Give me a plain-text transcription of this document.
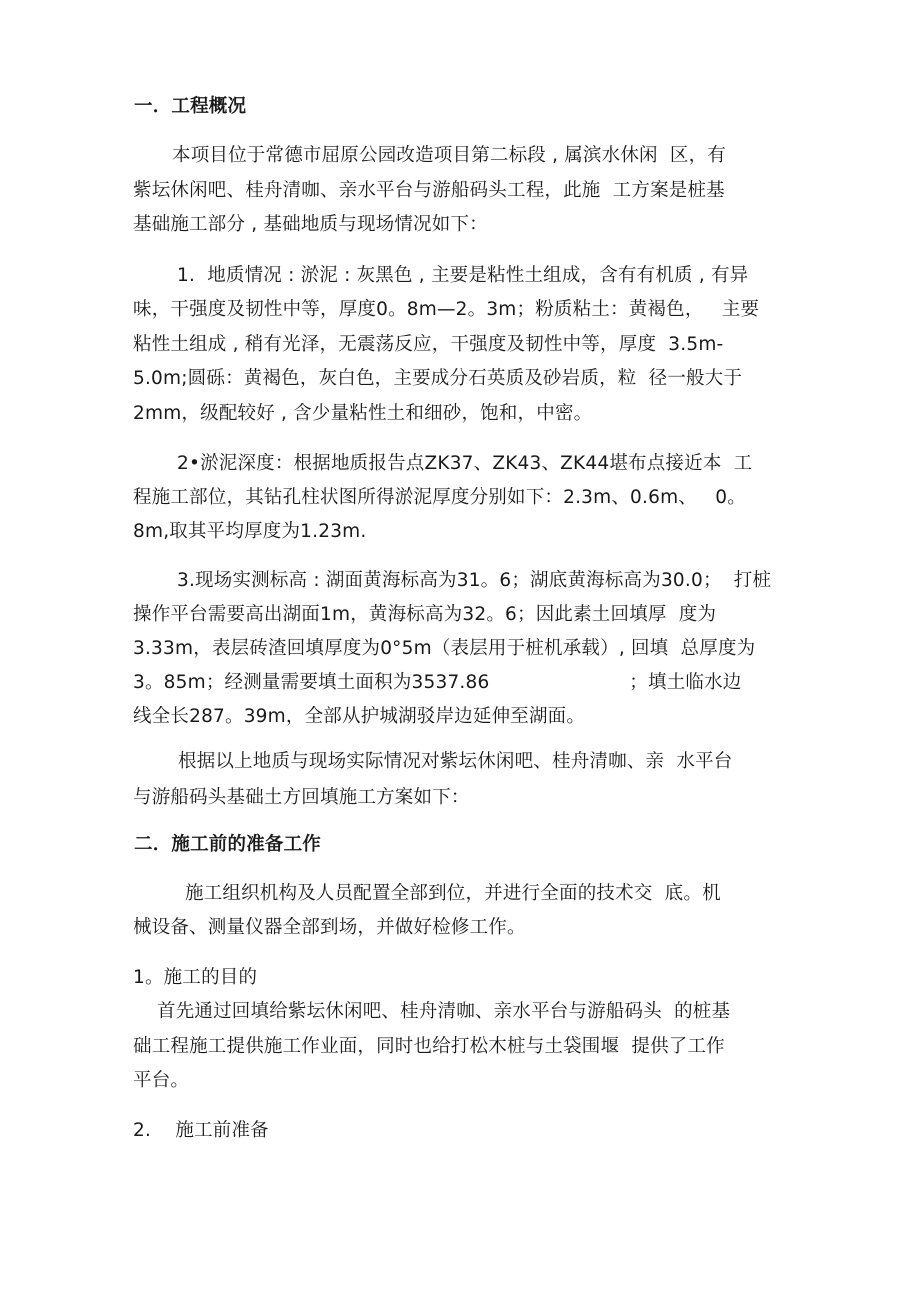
一．工程概况
本项目位于常德市屈原公园改造项目第二标段 , 属滨水休闲  区，有
紫坛休闲吧、桂舟清咖、亲水平台与游船码头工程，此施  工方案是桩基
基础施工部分 , 基础地质与现场情况如下：
1.  地质情况 : 淤泥 : 灰黑色 , 主要是粘性土组成，含有有机质 , 有异
味，干强度及韧性中等，厚度0。8m—2。3m；粉质粘土：黄褐色，   主要
粘性土组成 , 稍有光泽，无震荡反应，干强度及韧性中等，厚度  3.5m-
5.0m;圆砾：黄褐色，灰白色，主要成分石英质及砂岩质，粒  径一般大于
2mm，级配较好 , 含少量粘性土和细砂，饱和，中密。
2•淤泥深度：根据地质报告点ZK37、ZK43、ZK44堪布点接近本  工
程施工部位，其钻孔柱状图所得淤泥厚度分别如下：2.3m、0.6m、   0。
8m,取其平均厚度为1.23m.
3.现场实测标高 : 湖面黄海标高为31。6；湖底黄海标高为30.0；  打桩
操作平台需要高出湖面1m，黄海标高为32。6；因此素土回填厚  度为
3.33m，表层砖渣回填厚度为0°5m（表层用于桩机承载）, 回填  总厚度为
3。85m；经测量需要填土面积为3537.86                       ；填土临水边
线全长287。39m，全部从护城湖驳岸边延伸至湖面。
根据以上地质与现场实际情况对紫坛休闲吧、桂舟清咖、亲  水平台
与游船码头基础土方回填施工方案如下：
二．施工前的准备工作
施工组织机构及人员配置全部到位，并进行全面的技术交  底。机
械设备、测量仪器全部到场，并做好检修工作。
1。施工的目的
首先通过回填给紫坛休闲吧、桂舟清咖、亲水平台与游船码头  的桩基
础工程施工提供施工作业面，同时也给打松木桩与土袋围堰  提供了工作
平台。
2.    施工前准备
